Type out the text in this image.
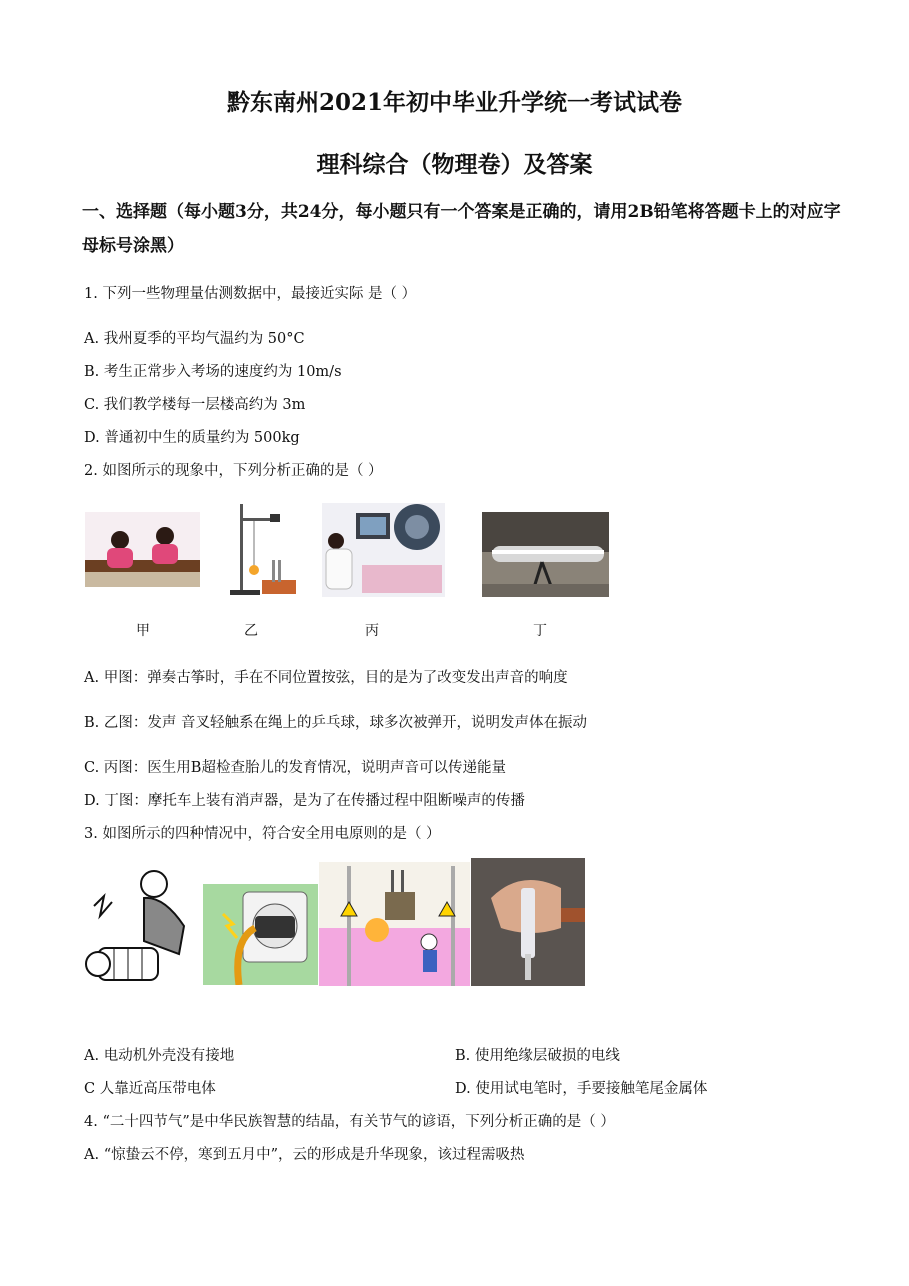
黔东南州2021年初中毕业升学统一考试试卷
理科综合（物理卷）及答案
一、选择题（每小题3分，共24分，每小题只有一个答案是正确的，请用2B铅笔将答题卡上的对应字母标号涂黑）
1. 下列一些物理量估测数据中，最接近实际 是（ ）
A. 我州夏季的平均气温约为 50°C
B. 考生正常步入考场的速度约为 10m/s
C. 我们教学楼每一层楼高约为 3m
D. 普通初中生的质量约为 500kg
2. 如图所示的现象中，下列分析正确的是（ ）
甲	乙	丙	丁
A. 甲图：弹奏古筝时，手在不同位置按弦，目的是为了改变发出声音的响度
B. 乙图：发声 音叉轻触系在绳上的乒乓球，球多次被弹开，说明发声体在振动
C. 丙图：医生用B超检查胎儿的发育情况，说明声音可以传递能量
D. 丁图：摩托车上装有消声器，是为了在传播过程中阻断噪声的传播
3. 如图所示的四种情况中，符合安全用电原则的是（ ）
A. 电动机外壳没有接地	B. 使用绝缘层破损的电线
C 人靠近高压带电体	D. 使用试电笔时，手要接触笔尾金属体
4. “二十四节气”是中华民族智慧的结晶，有关节气的谚语，下列分析正确的是（ ）
A. “惊蛰云不停，寒到五月中”，云的形成是升华现象，该过程需吸热
